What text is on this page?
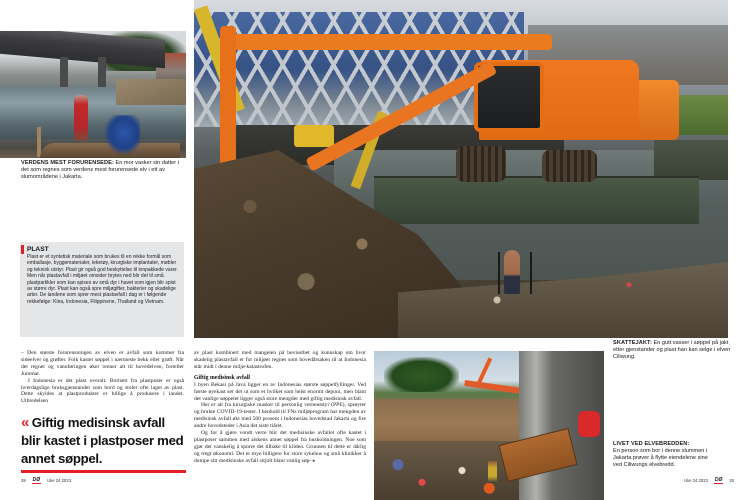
VERDENS MEST FORURENSEDE: En mor vasker sin datter i det som regnes som verdens mest forurensede elv i ett av slumområdene i Jakarta.
PLAST
Plast er et syntetisk materiale som brukes til en rekke formål som emballasje, byggematerialer, leketøy, kirurgiske implantater, møbler og teknisk utstyr. Plast gir også god beskyttelse til innpakkede varer. Men når plastavfall i miljøet omsider brytes ned blir det til små plastpartikler som kan spises av små dyr i havet som igjen blir spist av større dyr. Plast kan også spre miljøgifter, bakterier og skadelige arter. De landene som sprer mest plastavfall i dag er i følgende rekkefølge: Kina, Indonesia, Filippinene, Thailand og Vietnam.

– Den største forurensningen av elven er avfall som kommer fra sideelver og grøfter. Folk kaster søppel i nærmeste bekk eller grøft. Når det regner og vannføringen øker renner alt til hovedelven, forteller Jummar.

I Indonesia er det plast overalt. Bortsett fra plastposer er også hverdagslige bruksgjenstander som bord og stoler ofte laget av plast. Dette skyldes at plastprodukter er billige å produsere i landet. Utbredelsen

av plast kombinert med mangelen på bevissthet og kunnskap om hvor skadelig plastavfall er for miljøet regnes som hovedårsaken til at Indonesia står midt i denne miljø-katastrofen.

Giftig medisinsk avfall

I byen Bekasi på Java ligger en av Indonesias største søppelfyllinger. Ved første øyekast ser det ut som et hvilket som helst enormt deponi, men blant det vanlige søppelet ligger også store mengder med giftig medisinsk avfall.

Her er alt fra kirurgiske masker til personlig verneutstyr (PPE), sprøyter og brukte COVID-19-tester. I henhold til FNs miljøprogram har mengden av medisinsk avfall økt med 500 prosent i Indonesias hovedstad Jakarta og fire andre hovedsteder i Asia det siste tiåret.

Og for å gjøre vondt verre blir det medisinske avfallet ofte kastet i plastposer sammen med alskens annet søppel fra husholdningen. Noe som gjør det vanskelig å sporre det tilbake til kilden. Grunnen til dette er dårlig og tregt økonomi. Det er mye billigere for store sykehus og små klinikker å dumpe sitt medisinske avfall sitjult blant vanlig søp- ▸

« Giftig medisinsk avfall blir kastet i plastposer med annet søppel.
SKATTEJAKT: En gutt vasser i søppel på jakt etter gjenstander og plast han kan selge i elven Ciliwung.
LIVET VED ELVEBREDDEN:
En person som bor i denne slummen i Jakarta prøver å flytte eiendelene sine ved Ciliwungs elvebredd.
39 DØ Uke 24 2023	Uke 24 2023 DØ 25
